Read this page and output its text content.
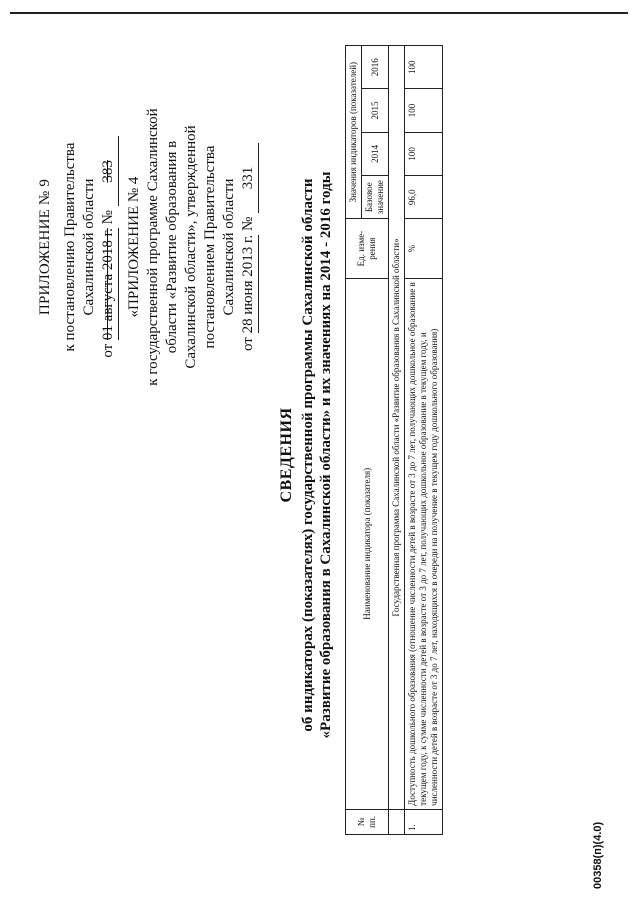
ПРИЛОЖЕНИЕ № 9 к постановлению Правительства Сахалинской области
от 01 августа 2018 г. № 383
«ПРИЛОЖЕНИЕ № 4 к государственной программе Сахалинской области «Развитие образования в Сахалинской области», утвержденной постановлением Правительства Сахалинской области
от 28 июня 2013 г. № 331
СВЕДЕНИЯ об индикаторах (показателях) государственной программы Сахалинской области «Развитие образования в Сахалинской области» и их значениях на 2014 - 2016 годы
№ пп.	Наименование индикатора (показателя)	Ед. изме-рения	Значения индикаторов (показателей)			
			Базовое значение	2014	2015	2016
	Государственная программа Сахалинской области «Развитие образования в Сахалинской области»					
1.	Доступность дошкольного образования (отношение численности детей в возрасте от 3 до 7 лет, получающих дошкольное образование в текущем году, к сумме численности детей в возрасте от 3 до 7 лет, получающих дошкольное образование в текущем году, и численности детей в возрасте от 3 до 7 лет, находящихся в очереди на получение в текущем году дошкольного образования)	%	96,0	100	100	100
00358(п)(4.0)
